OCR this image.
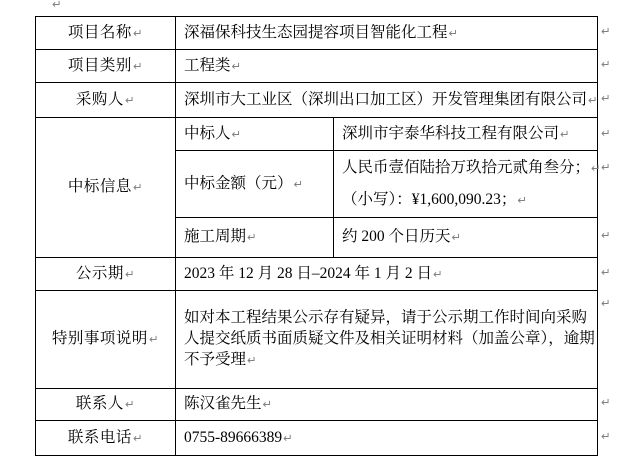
↵
项目名称↵	深福保科技生态园提容项目智能化工程↵	
项目类别↵	工程类↵	
采购人↵	深圳市大工业区（深圳出口加工区）开发管理集团有限公司↵	
中标信息↵	中标人↵	深圳市宇泰华科技工程有限公司↵
	中标金额（元）↵	人民币壹佰陆拾万玖拾元贰角叁分；↵
（小写）：¥1,600,090.23；↵

	施工周期↵	约 200 个日历天↵
公示期↵	2023 年 12 月 28 日–2024 年 1 月 2 日↵	
特别事项说明↵	如对本工程结果公示存有疑异，请于公示期工作时间向采购人提交纸质书面质疑文件及相关证明材料（加盖公章），逾期不予受理↵	
联系人↵	陈汉雀先生↵	
联系电话↵	0755-89666389↵	
↵
↵
↵
↵
↵
↵
↵
↵
↵
↵
